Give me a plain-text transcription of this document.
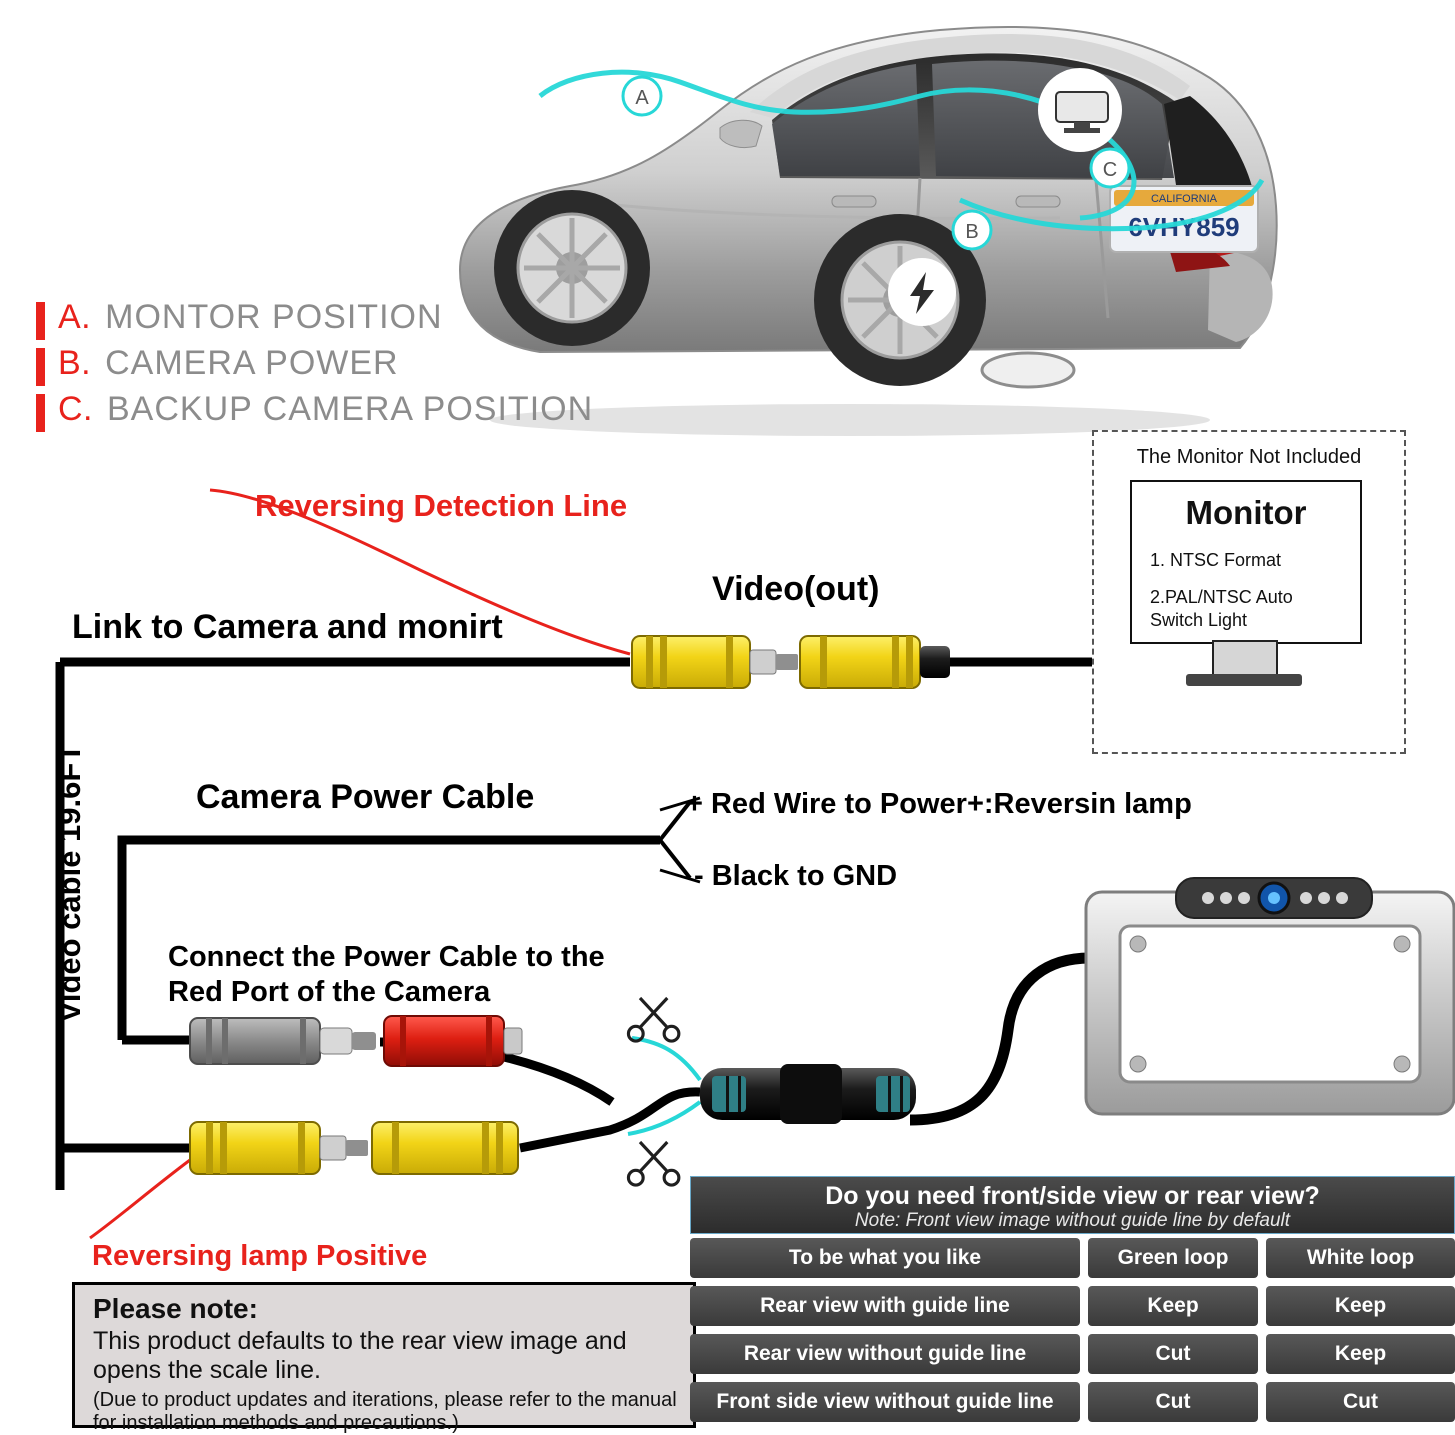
6VHY859
CALIFORNIA
A
B
C
A. MONTOR POSITION
B. CAMERA POWER
C. BACKUP CAMERA POSITION
Reversing Detection Line
Video(out)
Link to Camera and monirt
Video cable 19.6FT	Camera Power Cable	+ Red Wire to Power+:Reversin lamp
- Black to GND
Connect the Power Cable to the Red Port of the Camera
Reversing lamp Positive
The Monitor Not Included
Monitor
1. NTSC Format
2.PAL/NTSC Auto Switch Light
Please note:
This product defaults to the rear view image and opens the scale line.
(Due to product updates and iterations, please refer to the manual for installation methods and precautions.)
Do you need front/side view or rear view?
Note: Front view image without guide line by default
To be what you like	Green loop	White loop
Rear view with guide line	Keep	Keep
Rear view without guide line	Cut	Keep
Front side view without guide line	Cut	Cut
